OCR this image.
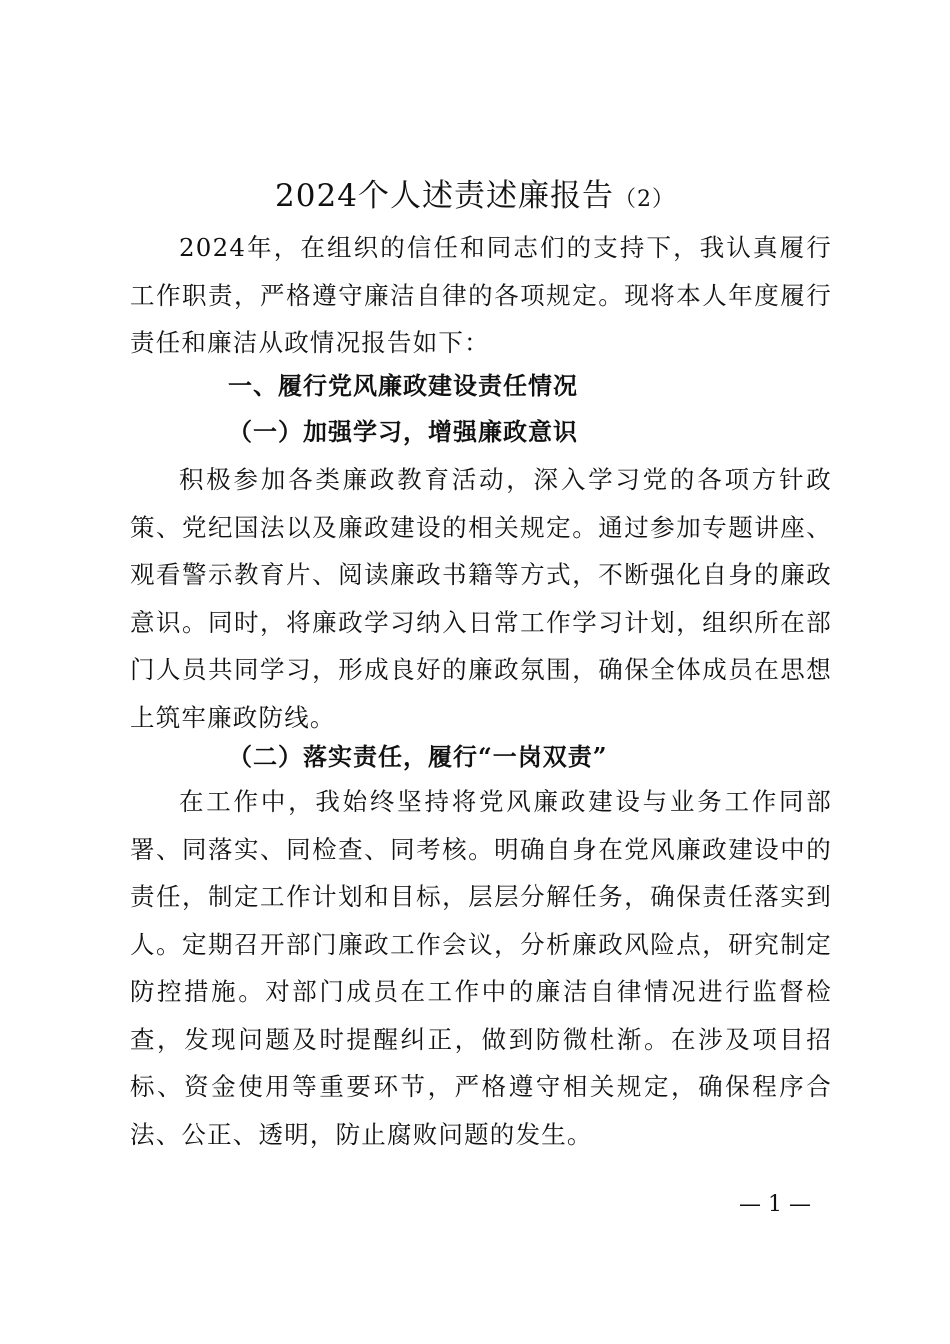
2024个人述责述廉报告（2）

2024年，在组织的信任和同志们的支持下，我认真履行工作职责，严格遵守廉洁自律的各项规定。现将本人年度履行责任和廉洁从政情况报告如下：

一、履行党风廉政建设责任情况
（一）加强学习，增强廉政意识

积极参加各类廉政教育活动，深入学习党的各项方针政策、党纪国法以及廉政建设的相关规定。通过参加专题讲座、观看警示教育片、阅读廉政书籍等方式，不断强化自身的廉政意识。同时，将廉政学习纳入日常工作学习计划，组织所在部门人员共同学习，形成良好的廉政氛围，确保全体成员在思想上筑牢廉政防线。

（二）落实责任，履行“一岗双责”

在工作中，我始终坚持将党风廉政建设与业务工作同部署、同落实、同检查、同考核。明确自身在党风廉政建设中的责任，制定工作计划和目标，层层分解任务，确保责任落实到人。定期召开部门廉政工作会议，分析廉政风险点，研究制定防控措施。对部门成员在工作中的廉洁自律情况进行监督检查，发现问题及时提醒纠正，做到防微杜渐。在涉及项目招标、资金使用等重要环节，严格遵守相关规定，确保程序合法、公正、透明，防止腐败问题的发生。

— 1 —
